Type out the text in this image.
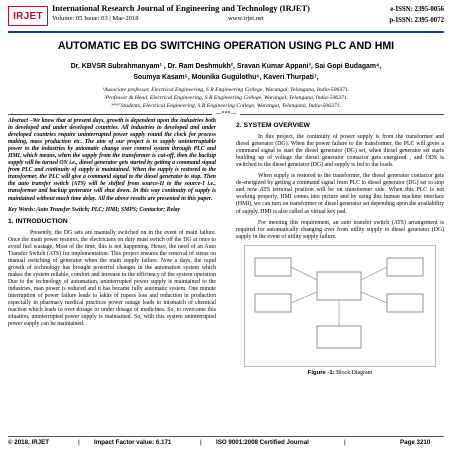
IRJET
International Research Journal of Engineering and Technology (IRJET)
Volume: 05 Issue: 03 | Mar-2018	www.irjet.net
e-ISSN: 2395-0056
p-ISSN: 2395-0072
AUTOMATIC EB DG SWITCHING OPERATION USING PLC AND HMI
Dr. KBVSR Subrahmanyam¹ , Dr. Ram Deshmukh², Sravan Kumar Appani³, Sai Gopi Budagam⁴,
Soumya Kasam⁵, Mounika Gugulothu⁶, Kaveri Thurpati⁷,
¹Associate professor, Electrical Engineering, S R Engineering College, Warangal, Telangana, India-506371.
²Professor & Head, Electrical Engineering, S R Engineering College, Warangal, Telangana, India-506371.
³⁴⁵⁶⁷Students, Electrical Engineering, S R Engineering College, Warangal, Telangana, India-506371.
---***---

Abstract –We know that at present days, growth is dependent upon the industries both in developed and under developed countries. All industries in developed and under developed countries require uninterrupted power supply round the clock for process making, mass production etc. The aim of our project is to supply uninterruptable power to the industries by automatic change over control system through PLC and HMI, which means, when the supply from the transformer is cut-off, then the backup supply will be turned ON i.e., diesel generator gets started by getting a command signal from PLC and continuity of supply is maintained. When the supply is restored to the transformer, the PLC will give a command signal to the diesel generator to stop. Then the auto transfer switch (ATS) will be shifted from source-II to the source-I i.e., transformer and backup generator will shut down. In this way continuity of supply is maintained without much time delay. All the above results are presented in this paper.

Key Words: Auto Transfer Switch; PLC; HMI; SMPS; Contactor; Relay

1. INTRODUCTION

Presently, the DG sets are manually switched on in the event of main failure. Once the main power restores, the electricians on duty must switch off the DG at once to avoid fuel wastage. Most of the time, this is not happening. Hence, the need of an Auto Transfer Switch (ATS) for implementation. This project ensures the removal of stress on manual switching of generator when the main supply failure. Now a days, the rapid growth of technology has brought powerful changes in the automation system which makes the system reliable, comfort and increase in the efficiency of the system operation Due to the technology of automation, uninterrupted power supply is maintained to the industries, man power is reduced and it has became fully automatic system. One minute interruption of power failure leads to lakhs of rupees loss and reduction in production especially in pharmacy medical practices power outage leads to mismatch of chemical reaction which leads to over dosage or under dosage of medicines. So, to overcome this situation, uninterrupted power supply is maintained. So, with this system uninterrupted power supply can be maintained.

2. SYSTEM OVERVIEW

In this project, the continuity of power supply is from the transformer and diesel generator (DG). When the power failure to the transformer, the PLC will gives a command signal to start the diesel generator (DG) set, when diesel generator set starts building up of voltage the diesel generator contactor gets energized , and ODS is switched to the diesel generator (DG) and supply is fed to the loads.

When supply is restored to the transformer, the diesel generator contactor gets de-energized by getting a command signal from PLC to diesel generator (DG) set to stop and now ATS terminal position will be on transformer side. When this PLC is not working properly, HMI comes into picture and by using this human machine interface (HMI), we can turn on transformer or diesel generator set depending upon the availability of supply. HMI is also called as virtual key pad.

For meeting this requirement, an auto transfer switch (ATS) arrangement is required for automatically changing over from utility supply to diesel generator (DG) supply in the event of utility supply failure.

Figure -1: Block Diagram
© 2018, IRJET	| Impact Factor value: 6.171	| ISO 9001:2008 Certified Journal	|	Page 3210
